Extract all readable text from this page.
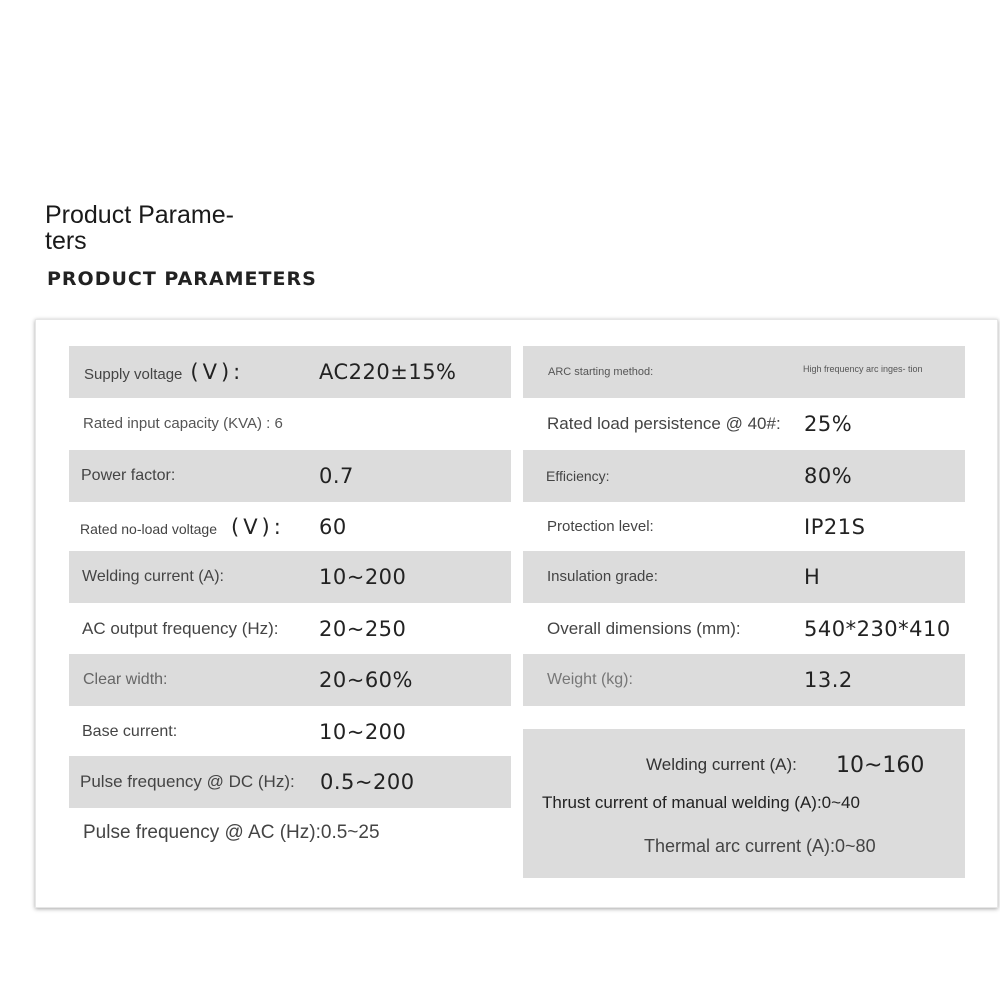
Product Parame- ters
PRODUCT PARAMETERS
Supply voltage (V):	AC220±15%
Rated input capacity (KVA) : 6
Power factor:	0.7
Rated no-load voltage (V): 60
Welding current (A):	10~200
AC output frequency (Hz): 20~250
Clear width:	20~60%
Base current:	10~200
Pulse frequency @ DC (Hz): 0.5~200
Pulse frequency @ AC (Hz):0.5~25
ARC starting method:	High frequency arc inges- tion
Rated load persistence @ 40#: 25%
Efficiency:	80%
Protection level:	IP21S
Insulation grade:	H
Overall dimensions (mm):	540*230*410
Weight (kg):	13.2
Welding current (A): 10~160
Thrust current of manual welding (A):0~40
Thermal arc current (A):0~80
